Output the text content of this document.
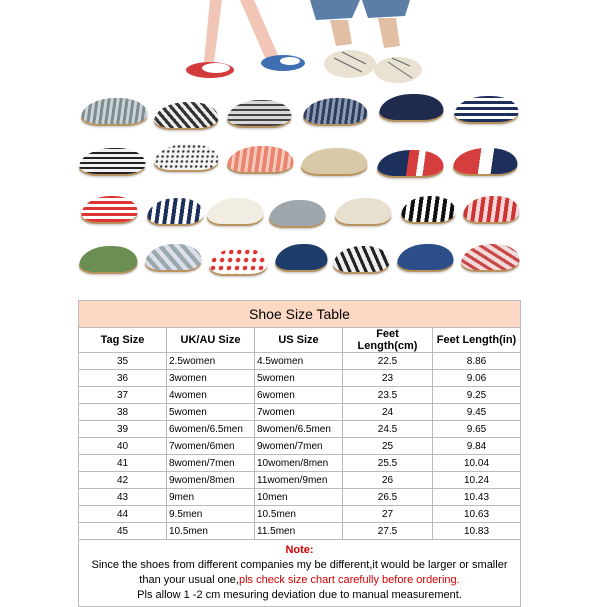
Shoe Size Table				
Tag Size	UK/AU Size	US Size	Feet Length(cm)	Feet Length(in)
35	2.5women	4.5women	22.5	8.86
36	3women	5women	23	9.06
37	4women	6women	23.5	9.25
38	5women	7women	24	9.45
39	6women/6.5men	8women/6.5men	24.5	9.65
40	7women/6men	9women/7men	25	9.84
41	8women/7men	10women/8men	25.5	10.04
42	9women/8men	11women/9men	26	10.24
43	9men	10men	26.5	10.43
44	9.5men	10.5men	27	10.63
45	10.5men	11.5men	27.5	10.83

Note:
Since the shoes from different companies my be different,it would be larger or smaller
than your usual one,pls check size chart carefully before ordering.
Pls allow 1 -2 cm mesuring deviation due to manual measurement.				
